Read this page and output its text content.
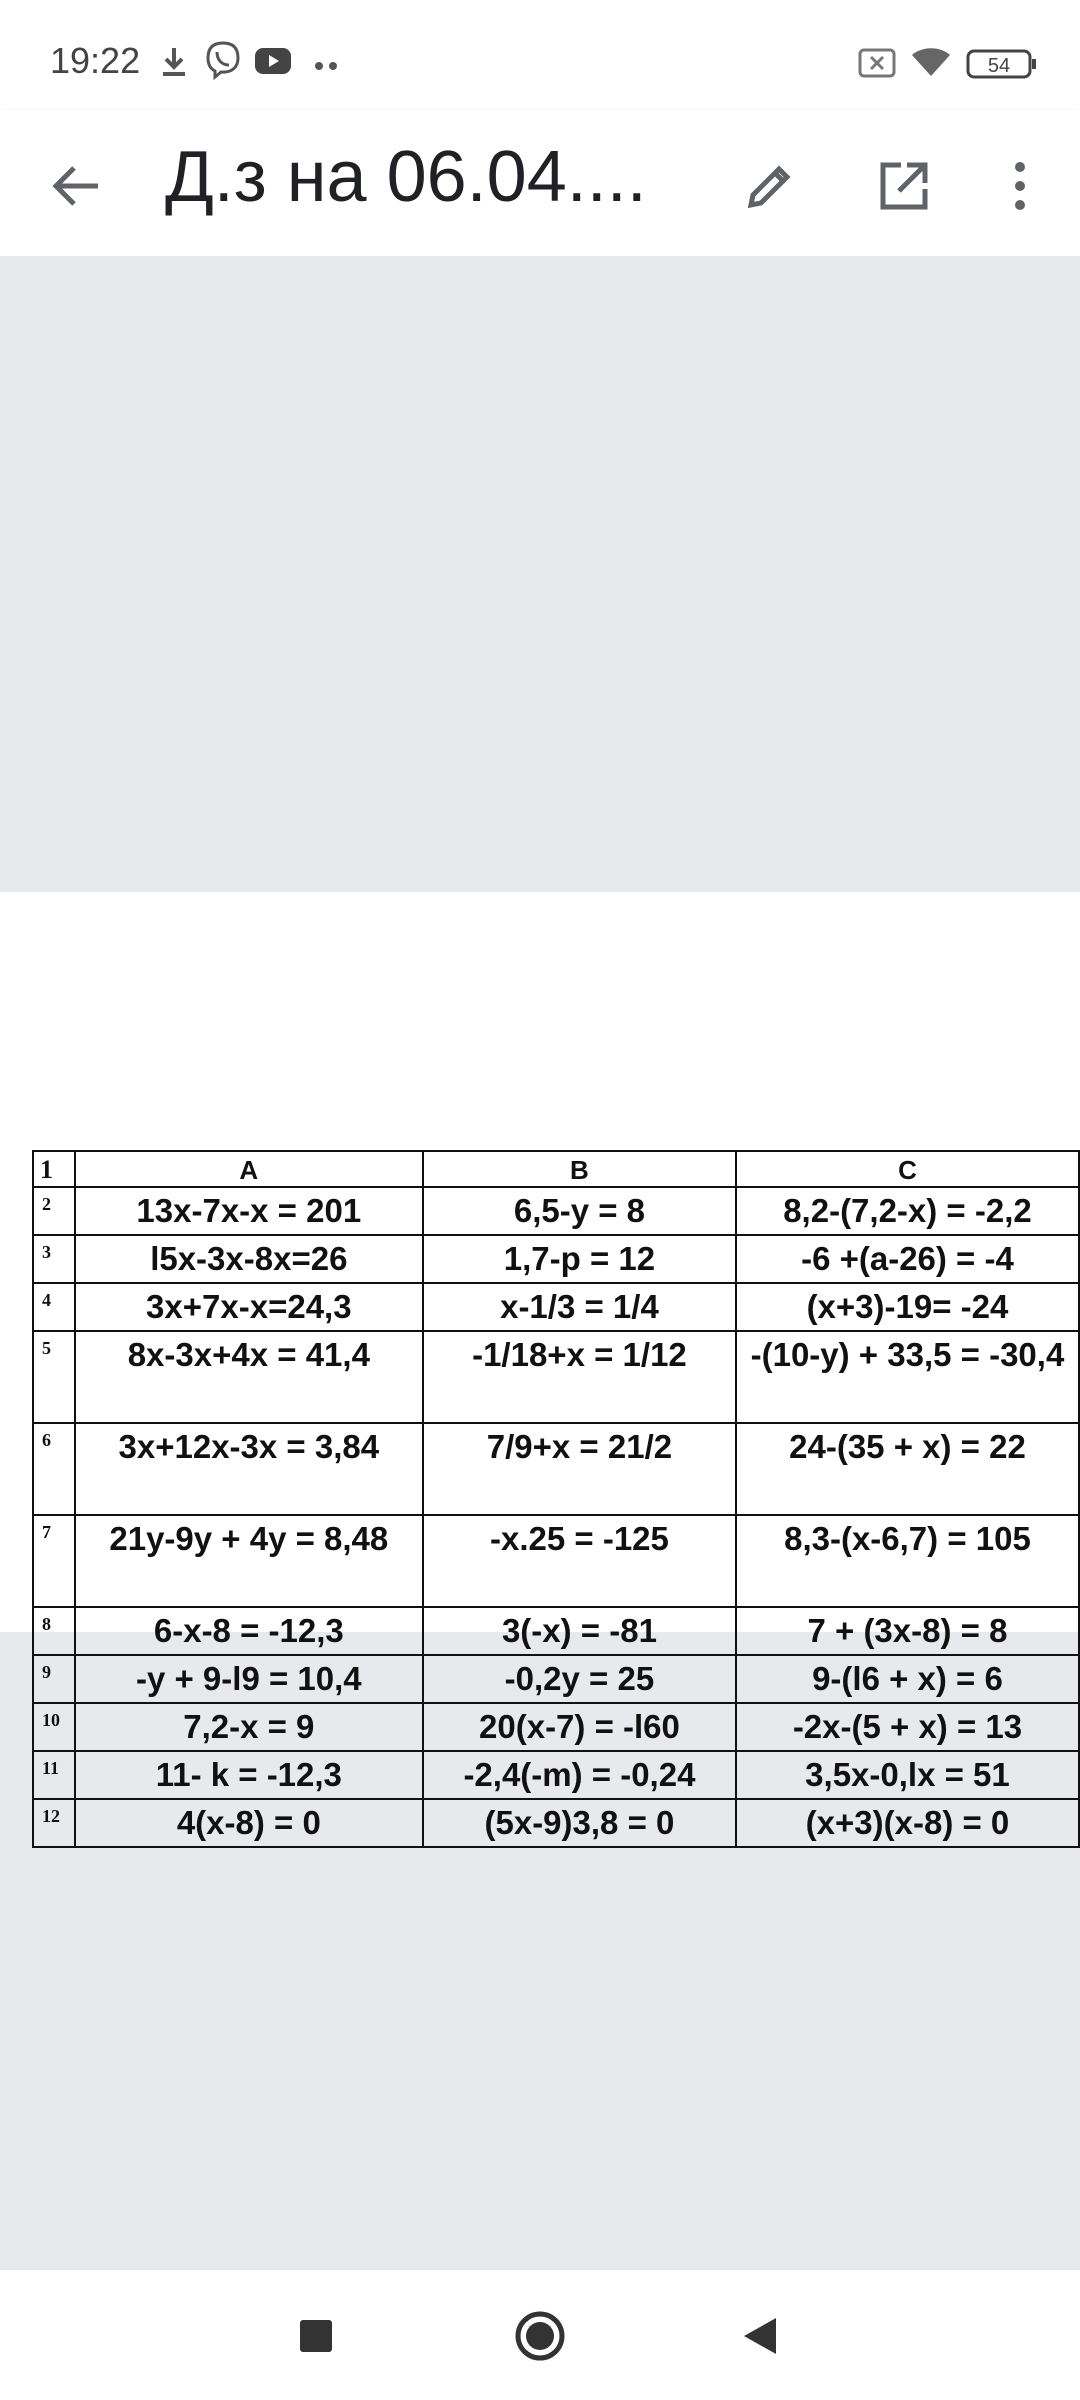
19:22	54
Д.з на 06.04....
1	A	B	C
2	13x-7x-x = 201	6,5-y = 8	8,2-(7,2-x) = -2,2
3	l5x-3x-8x=26	1,7-p = 12	-6 +(a-26) = -4
4	3x+7x-x=24,3	x-1/3 = 1/4	(x+3)-19= -24
5	8x-3x+4x = 41,4	-1/18+x = 1/12	-(10-y) + 33,5 = -30,4
6	3x+12x-3x = 3,84	7/9+x = 21/2	24-(35 + x) = 22
7	21y-9y + 4y = 8,48	-x.25 = -125	8,3-(x-6,7) = 105
8	6-x-8 = -12,3	3(-x) = -81	7 + (3x-8) = 8
9	-y + 9-l9 = 10,4	-0,2y = 25	9-(l6 + x) = 6
10	7,2-x = 9	20(x-7) = -l60	-2x-(5 + x) = 13
11	11- k = -12,3	-2,4(-m) = -0,24	3,5x-0,lx = 51
12	4(x-8) = 0	(5x-9)3,8 = 0	(x+3)(x-8) = 0
